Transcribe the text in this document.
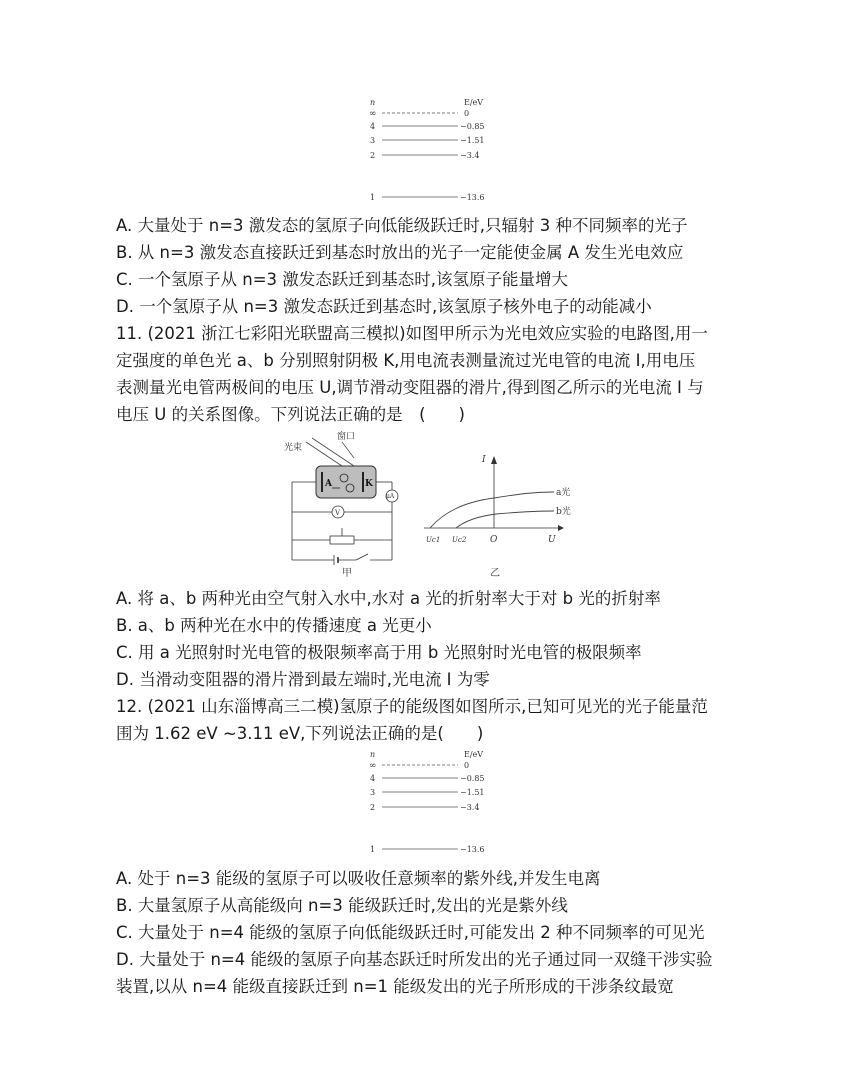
n	E/eV
∞	0
4	−0.85
3	−1.51
2	−3.4
1	−13.6
A. 大量处于 n=3 激发态的氢原子向低能级跃迁时,只辐射 3 种不同频率的光子
B. 从 n=3 激发态直接跃迁到基态时放出的光子一定能使金属 A 发生光电效应
C. 一个氢原子从 n=3 激发态跃迁到基态时,该氢原子能量增大
D. 一个氢原子从 n=3 激发态跃迁到基态时,该氢原子核外电子的动能减小
11. (2021 浙江七彩阳光联盟高三模拟)如图甲所示为光电效应实验的电路图,用一
定强度的单色光 a、b 分别照射阴极 K,用电流表测量流过光电管的电流 I,用电压
表测量光电管两极间的电压 U,调节滑动变阻器的滑片,得到图乙所示的光电流 I 与
电压 U 的关系图像。下列说法正确的是　(　　)
窗口
光束
A	K
μA
V
甲
I
U
O
Uc1 Uc2
a光
b光
乙
A. 将 a、b 两种光由空气射入水中,水对 a 光的折射率大于对 b 光的折射率
B. a、b 两种光在水中的传播速度 a 光更小
C. 用 a 光照射时光电管的极限频率高于用 b 光照射时光电管的极限频率
D. 当滑动变阻器的滑片滑到最左端时,光电流 I 为零
12. (2021 山东淄博高三二模)氢原子的能级图如图所示,已知可见光的光子能量范
围为 1.62 eV ~3.11 eV,下列说法正确的是(　　)
n	E/eV
∞	0
4	−0.85
3	−1.51
2	−3.4
1	−13.6
A. 处于 n=3 能级的氢原子可以吸收任意频率的紫外线,并发生电离
B. 大量氢原子从高能级向 n=3 能级跃迁时,发出的光是紫外线
C. 大量处于 n=4 能级的氢原子向低能级跃迁时,可能发出 2 种不同频率的可见光
D. 大量处于 n=4 能级的氢原子向基态跃迁时所发出的光子通过同一双缝干涉实验
装置,以从 n=4 能级直接跃迁到 n=1 能级发出的光子所形成的干涉条纹最宽
